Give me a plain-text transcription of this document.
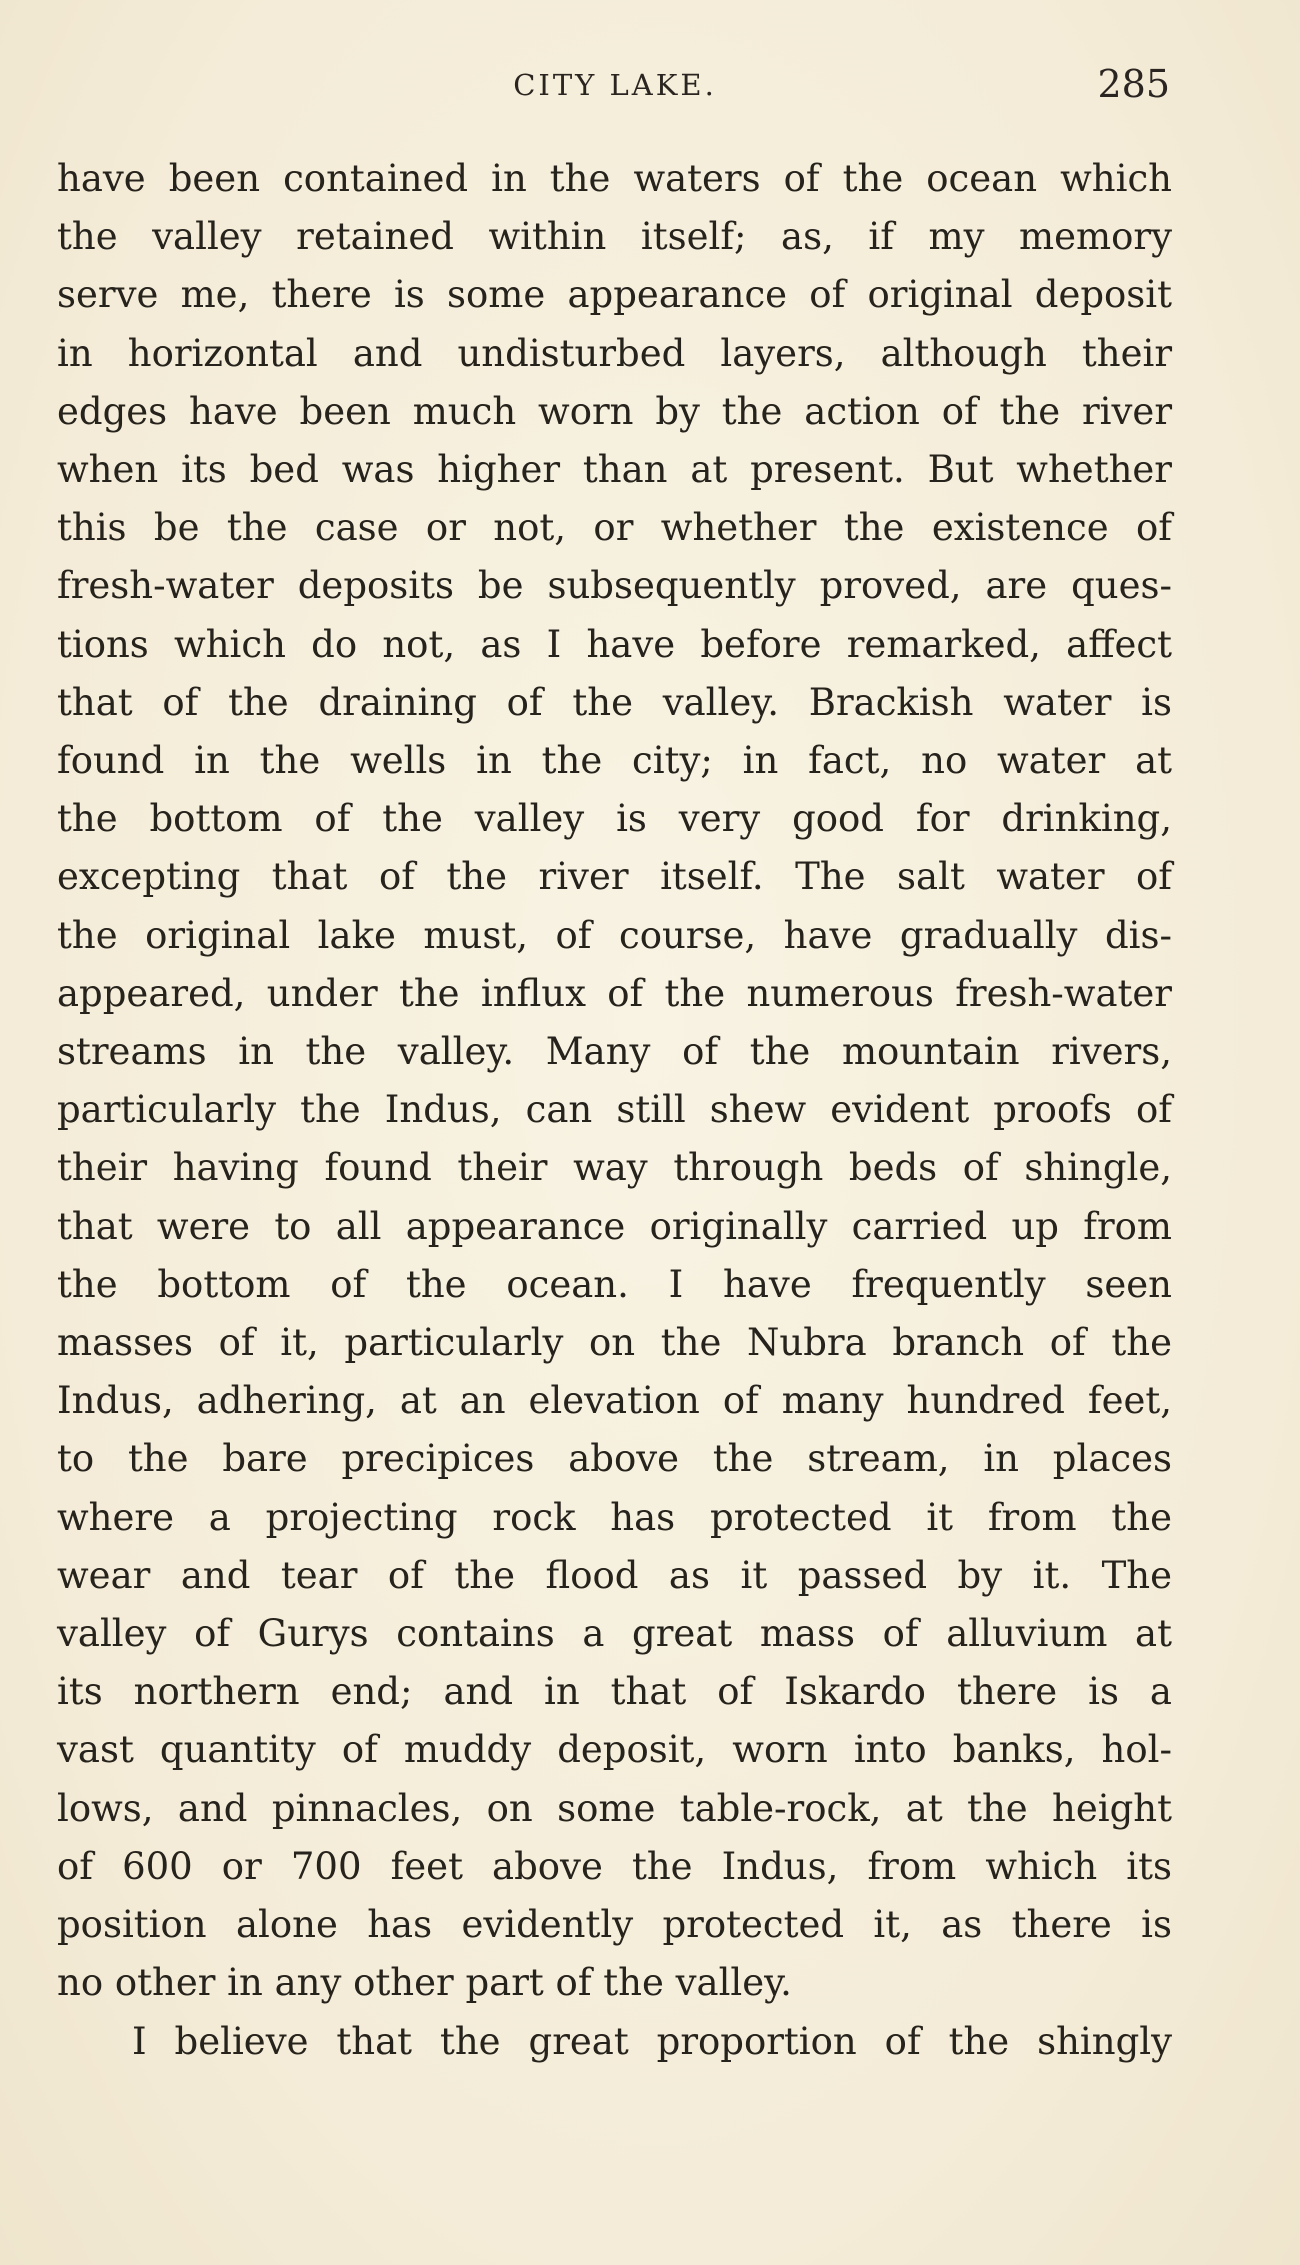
CITY LAKE.	285
have been contained in the waters of the ocean which
the valley retained within itself; as, if my memory
serve me, there is some appearance of original deposit
in horizontal and undisturbed layers, although their
edges have been much worn by the action of the river
when its bed was higher than at present. But whether
this be the case or not, or whether the existence of
fresh-water deposits be subsequently proved, are ques-
tions which do not, as I have before remarked, affect
that of the draining of the valley. Brackish water is
found in the wells in the city; in fact, no water at
the bottom of the valley is very good for drinking,
excepting that of the river itself. The salt water of
the original lake must, of course, have gradually dis-
appeared, under the influx of the numerous fresh-water
streams in the valley. Many of the mountain rivers,
particularly the Indus, can still shew evident proofs of
their having found their way through beds of shingle,
that were to all appearance originally carried up from
the bottom of the ocean. I have frequently seen
masses of it, particularly on the Nubra branch of the
Indus, adhering, at an elevation of many hundred feet,
to the bare precipices above the stream, in places
where a projecting rock has protected it from the
wear and tear of the flood as it passed by it. The
valley of Gurys contains a great mass of alluvium at
its northern end; and in that of Iskardo there is a
vast quantity of muddy deposit, worn into banks, hol-
lows, and pinnacles, on some table-rock, at the height
of 600 or 700 feet above the Indus, from which its
position alone has evidently protected it, as there is
no other in any other part of the valley.
I believe that the great proportion of the shingly
